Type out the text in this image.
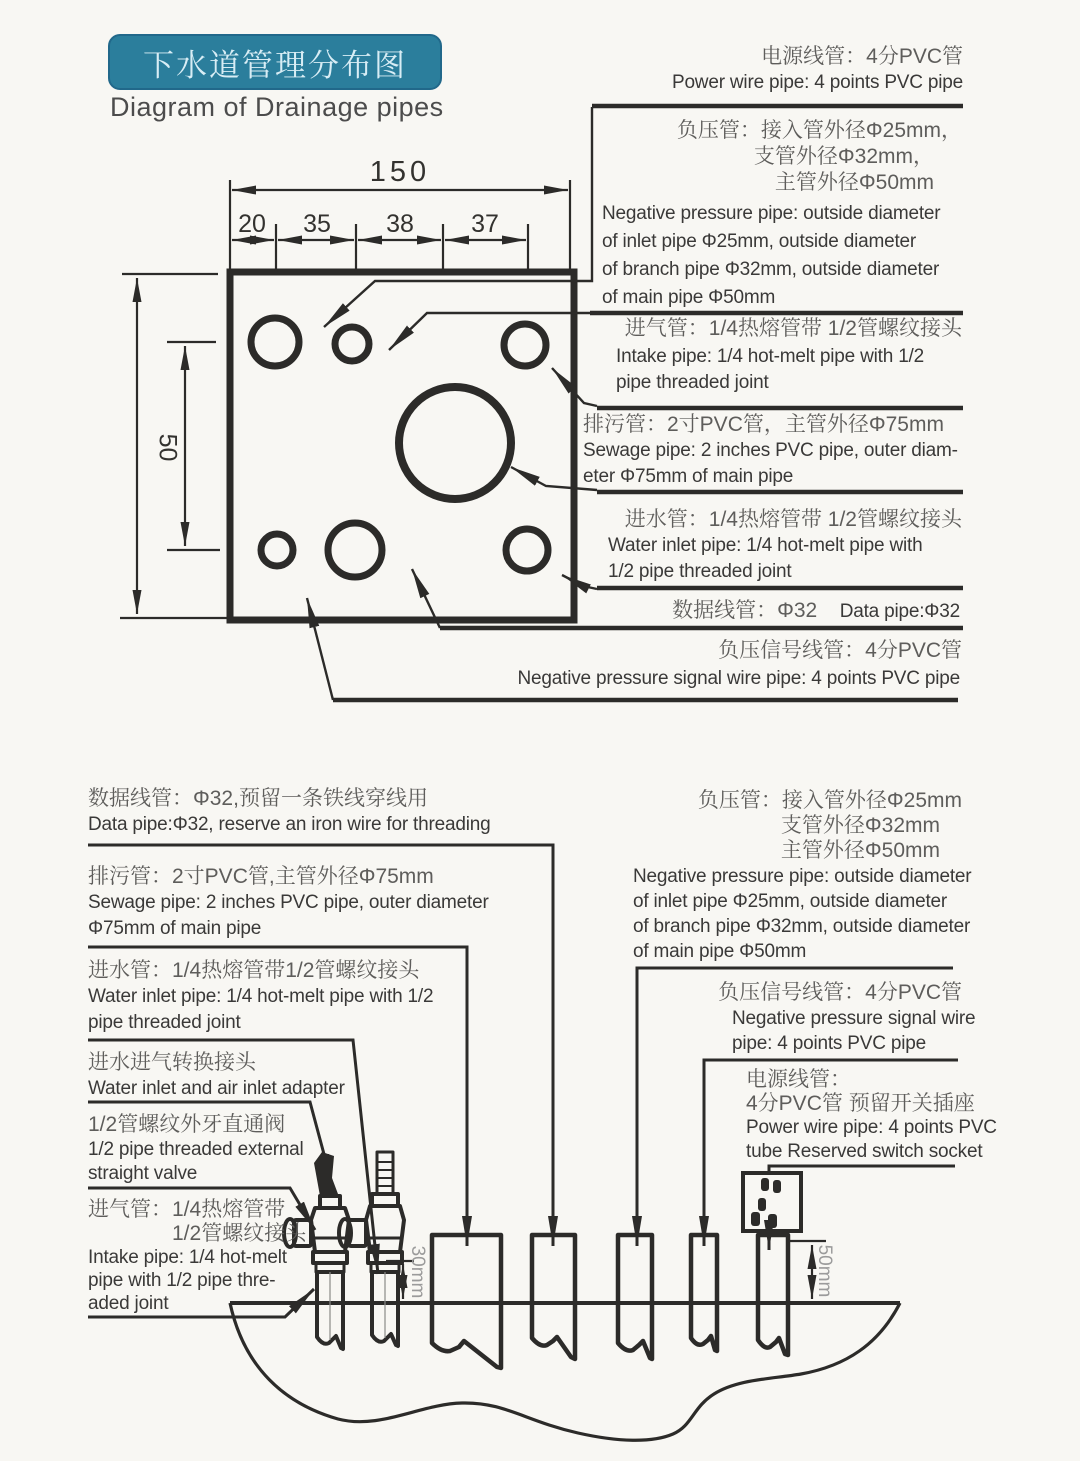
下水道管理分布图
Diagram of Drainage pipes
150
20	35	38	37
50
30mm	50mm
电源线管：4分PVC管
Power wire pipe: 4 points PVC pipe
负压管：接入管外径Φ25mm，
支管外径Φ32mm，
主管外径Φ50mm
Negative pressure pipe: outside diameter
of inlet pipe Φ25mm, outside diameter
of branch pipe Φ32mm, outside diameter
of main pipe Φ50mm
进气管：1/4热熔管带 1/2管螺纹接头
Intake pipe: 1/4 hot-melt pipe with 1/2
pipe threaded joint
排污管：2寸PVC管，主管外径Φ75mm
Sewage pipe: 2 inches PVC pipe, outer diam-
eter Φ75mm of main pipe
进水管：1/4热熔管带 1/2管螺纹接头
Water inlet pipe: 1/4 hot-melt pipe with
1/2 pipe threaded joint
数据线管：Φ32 Data pipe:Φ32
负压信号线管：4分PVC管
Negative pressure signal wire pipe: 4 points PVC pipe
数据线管：Φ32,预留一条铁线穿线用
Data pipe:Φ32, reserve an iron wire for threading
排污管：2寸PVC管,主管外径Φ75mm
Sewage pipe: 2 inches PVC pipe, outer diameter
Φ75mm of main pipe
进水管：1/4热熔管带1/2管螺纹接头
Water inlet pipe: 1/4 hot-melt pipe with 1/2
pipe threaded joint
进水进气转换接头
Water inlet and air inlet adapter
1/2管螺纹外牙直通阀
1/2 pipe threaded external
straight valve
进气管：1/4热熔管带
1/2管螺纹接头
Intake pipe: 1/4 hot-melt
pipe with 1/2 pipe thre-
aded joint
负压管：接入管外径Φ25mm
支管外径Φ32mm
主管外径Φ50mm
Negative pressure pipe: outside diameter
of inlet pipe Φ25mm, outside diameter
of branch pipe Φ32mm, outside diameter
of main pipe Φ50mm
负压信号线管：4分PVC管
Negative pressure signal wire
pipe: 4 points PVC pipe
电源线管：
4分PVC管 预留开关插座
Power wire pipe: 4 points PVC
tube Reserved switch socket
